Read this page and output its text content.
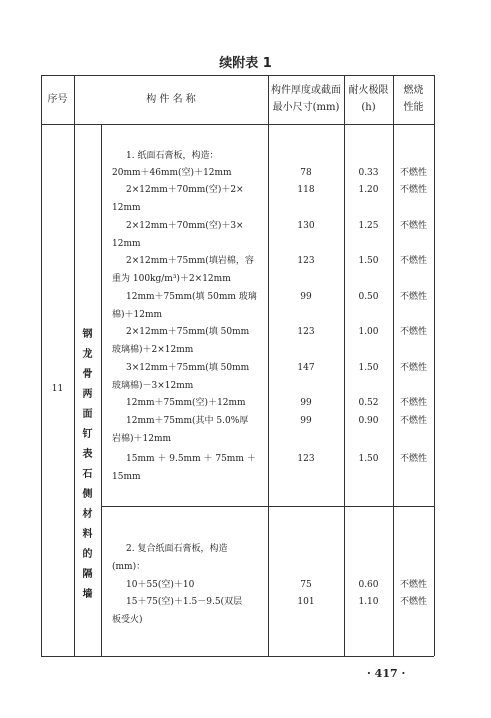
续附表 1
序号	构 件 名 称
构件厚度或截面
最小尺寸(mm)
耐火极限
(h)
燃烧
性能
11
钢
龙
骨
两
面
钉
表
石
侧
材
料
的
隔
墙
1. 纸面石膏板，构造：
20mm＋46mm(空)＋12mm	78	0.33	不燃性
2×12mm＋70mm(空)＋2×
12mm
118	1.20	不燃性
2×12mm＋70mm(空)＋3×
12mm
130	1.25	不燃性
2×12mm＋75mm(填岩棉，容
重为 100kg/m³)＋2×12mm
123	1.50	不燃性
12mm＋75mm(填 50mm 玻璃
棉)＋12mm
99	0.50	不燃性
2×12mm＋75mm(填 50mm
玻璃棉)＋2×12mm
123	1.00	不燃性
3×12mm＋75mm(填 50mm
玻璃棉)－3×12mm
147	1.50	不燃性
12mm＋75mm(空)＋12mm	99	0.52	不燃性
12mm＋75mm(其中 5.0%厚
岩棉)＋12mm
99	0.90	不燃性
15mm ＋ 9.5mm ＋ 75mm ＋
15mm
123	1.50	不燃性
2. 复合纸面石膏板，构造
(mm)：
10＋55(空)＋10	75	0.60	不燃性
15＋75(空)＋1.5－9.5(双层
板受火)
101	1.10	不燃性
· 417 ·
